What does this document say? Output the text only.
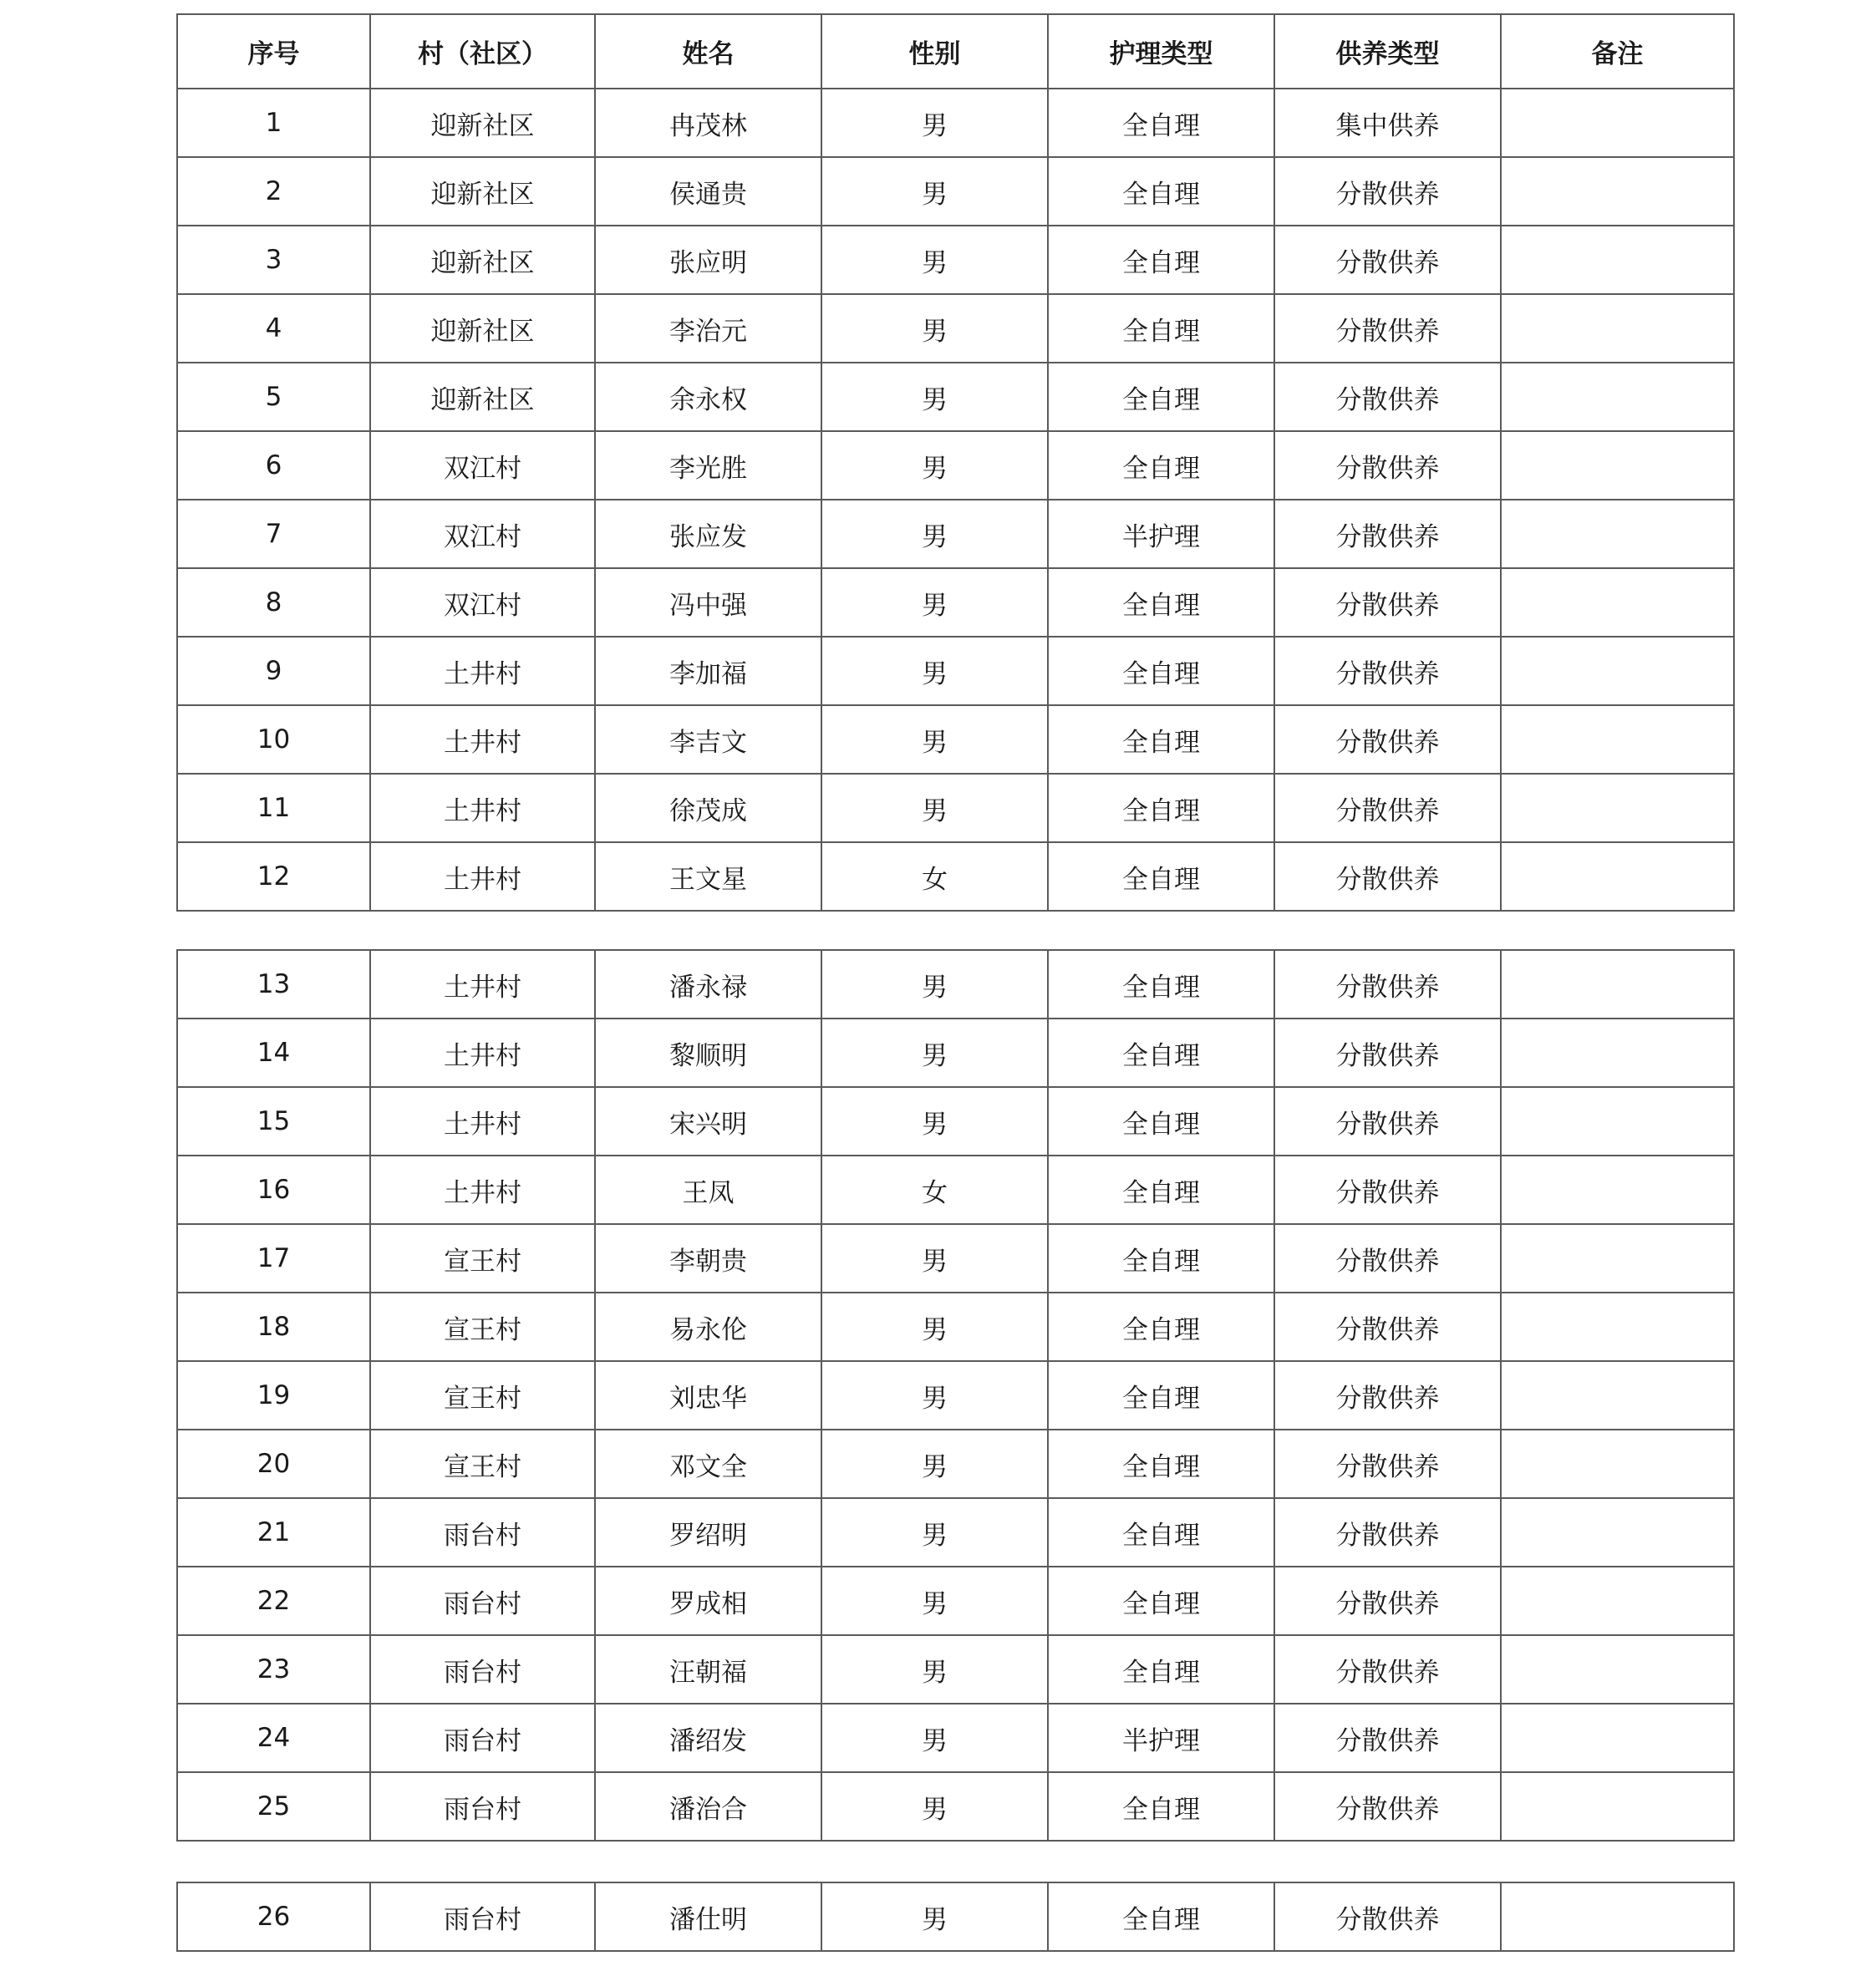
序号	村（社区）	姓名	性别	护理类型	供养类型	备注
1	迎新社区	冉茂林	男	全自理	集中供养	
2	迎新社区	侯通贵	男	全自理	分散供养	
3	迎新社区	张应明	男	全自理	分散供养	
4	迎新社区	李治元	男	全自理	分散供养	
5	迎新社区	余永权	男	全自理	分散供养	
6	双江村	李光胜	男	全自理	分散供养	
7	双江村	张应发	男	半护理	分散供养	
8	双江村	冯中强	男	全自理	分散供养	
9	土井村	李加福	男	全自理	分散供养	
10	土井村	李吉文	男	全自理	分散供养	
11	土井村	徐茂成	男	全自理	分散供养	
12	土井村	王文星	女	全自理	分散供养	
13	土井村	潘永禄	男	全自理	分散供养	
14	土井村	黎顺明	男	全自理	分散供养	
15	土井村	宋兴明	男	全自理	分散供养	
16	土井村	王凤	女	全自理	分散供养	
17	宣王村	李朝贵	男	全自理	分散供养	
18	宣王村	易永伦	男	全自理	分散供养	
19	宣王村	刘忠华	男	全自理	分散供养	
20	宣王村	邓文全	男	全自理	分散供养	
21	雨台村	罗绍明	男	全自理	分散供养	
22	雨台村	罗成相	男	全自理	分散供养	
23	雨台村	汪朝福	男	全自理	分散供养	
24	雨台村	潘绍发	男	半护理	分散供养	
25	雨台村	潘治合	男	全自理	分散供养	
26	雨台村	潘仕明	男	全自理	分散供养	
